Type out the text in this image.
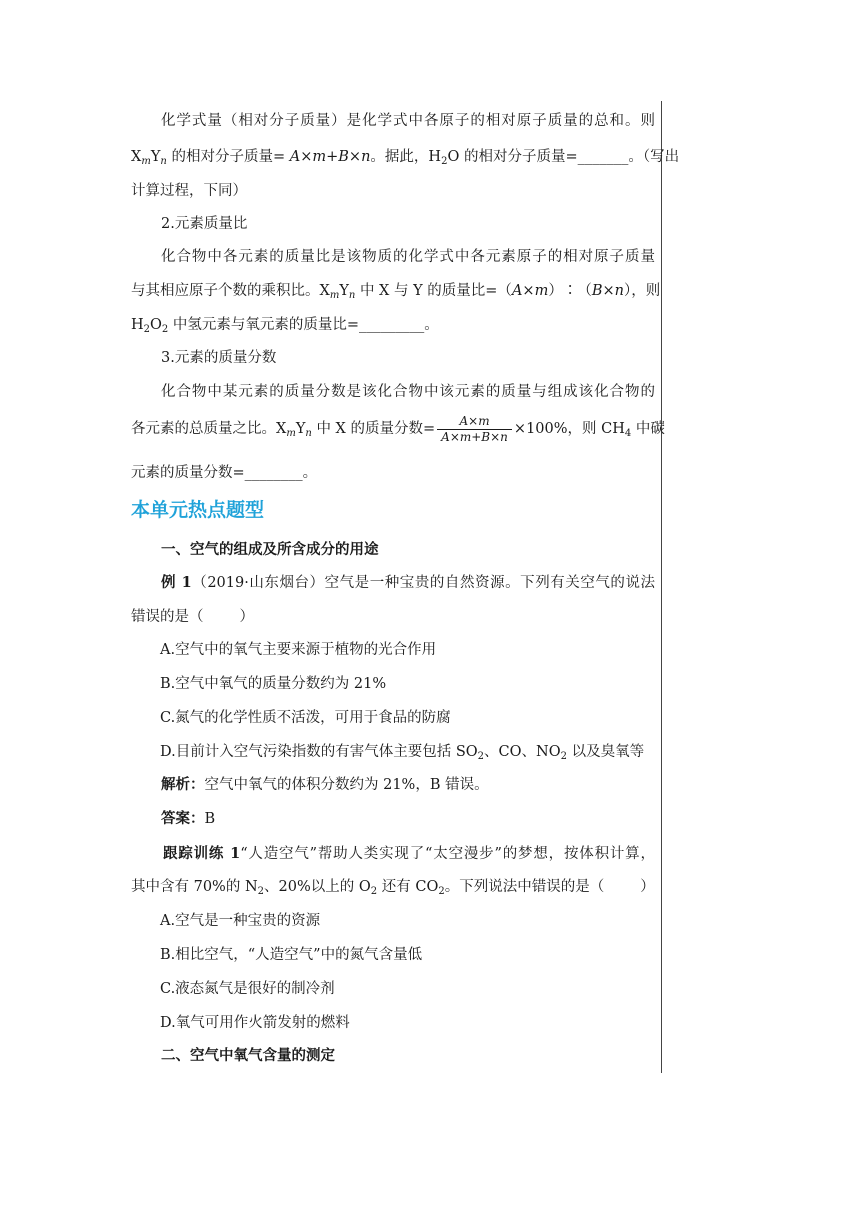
化学式量（相对分子质量）是化学式中各原子的相对原子质量的总和。则
$X_mY_n$ 的相对分子质量= A×m+B×n。据此，$H_2O$ 的相对分子质量=_______。（写出
计算过程，下同）
2.元素质量比
化合物中各元素的质量比是该物质的化学式中各元素原子的相对原子质量
与其相应原子个数的乘积比。$X_mY_n$ 中 X 与 Y 的质量比=（A×m）∶（B×n），则
$H_2O_2$ 中氢元素与氧元素的质量比=_________。
3.元素的质量分数
化合物中某元素的质量分数是该化合物中该元素的质量与组成该化合物的
各元素的总质量之比。$X_mY_n$ 中 X 的质量分数= $\frac{A\times m}{A\times m+B\times n} \times 100\%$，则 $CH_4$ 中碳
元素的质量分数=________。
本单元热点题型
一、空气的组成及所含成分的用途
例 1（2019·山东烟台）空气是一种宝贵的自然资源。下列有关空气的说法
错误的是（ ）
A.空气中的氧气主要来源于植物的光合作用
B.空气中氧气的质量分数约为 21%
C.氮气的化学性质不活泼，可用于食品的防腐
D.目前计入空气污染指数的有害气体主要包括 $SO_2$、CO、$NO_2$ 以及臭氧等
解析：空气中氧气的体积分数约为 21%，B 错误。
答案：B
跟踪训练 1“人造空气”帮助人类实现了“太空漫步”的梦想，按体积计算，
其中含有 70%的 $N_2$、20%以上的 $O_2$ 还有 $CO_2$。下列说法中错误的是（ ）
A.空气是一种宝贵的资源
B.相比空气，“人造空气”中的氮气含量低
C.液态氮气是很好的制冷剂
D.氧气可用作火箭发射的燃料
二、空气中氧气含量的测定
